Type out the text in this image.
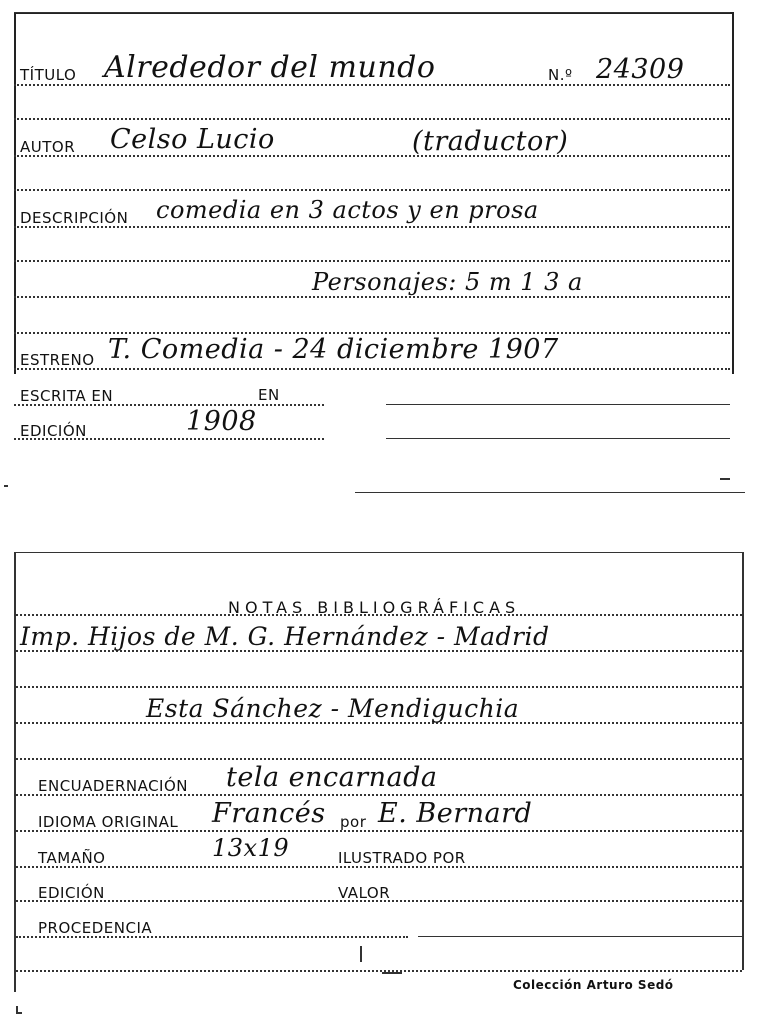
TÍTULO Alrededor del mundo	N.º 24309
AUTOR Celso Lucio	(traductor)
DESCRIPCIÓN comedia en 3 actos y en prosa
Personajes: 5 m 1 3 a
ESTRENO T. Comedia - 24 diciembre 1907
ESCRITA EN	EN
EDICIÓN	1908
NOTAS BIBLIOGRÁFICAS
Imp. Hijos de M. G. Hernández - Madrid
Esta Sánchez - Mendiguchia
ENCUADERNACIÓN tela encarnada
IDIOMA ORIGINAL Francés por E. Bernard
TAMAÑO	13x19	ILUSTRADO POR
EDICIÓN	VALOR
PROCEDENCIA
Colección Arturo Sedó
